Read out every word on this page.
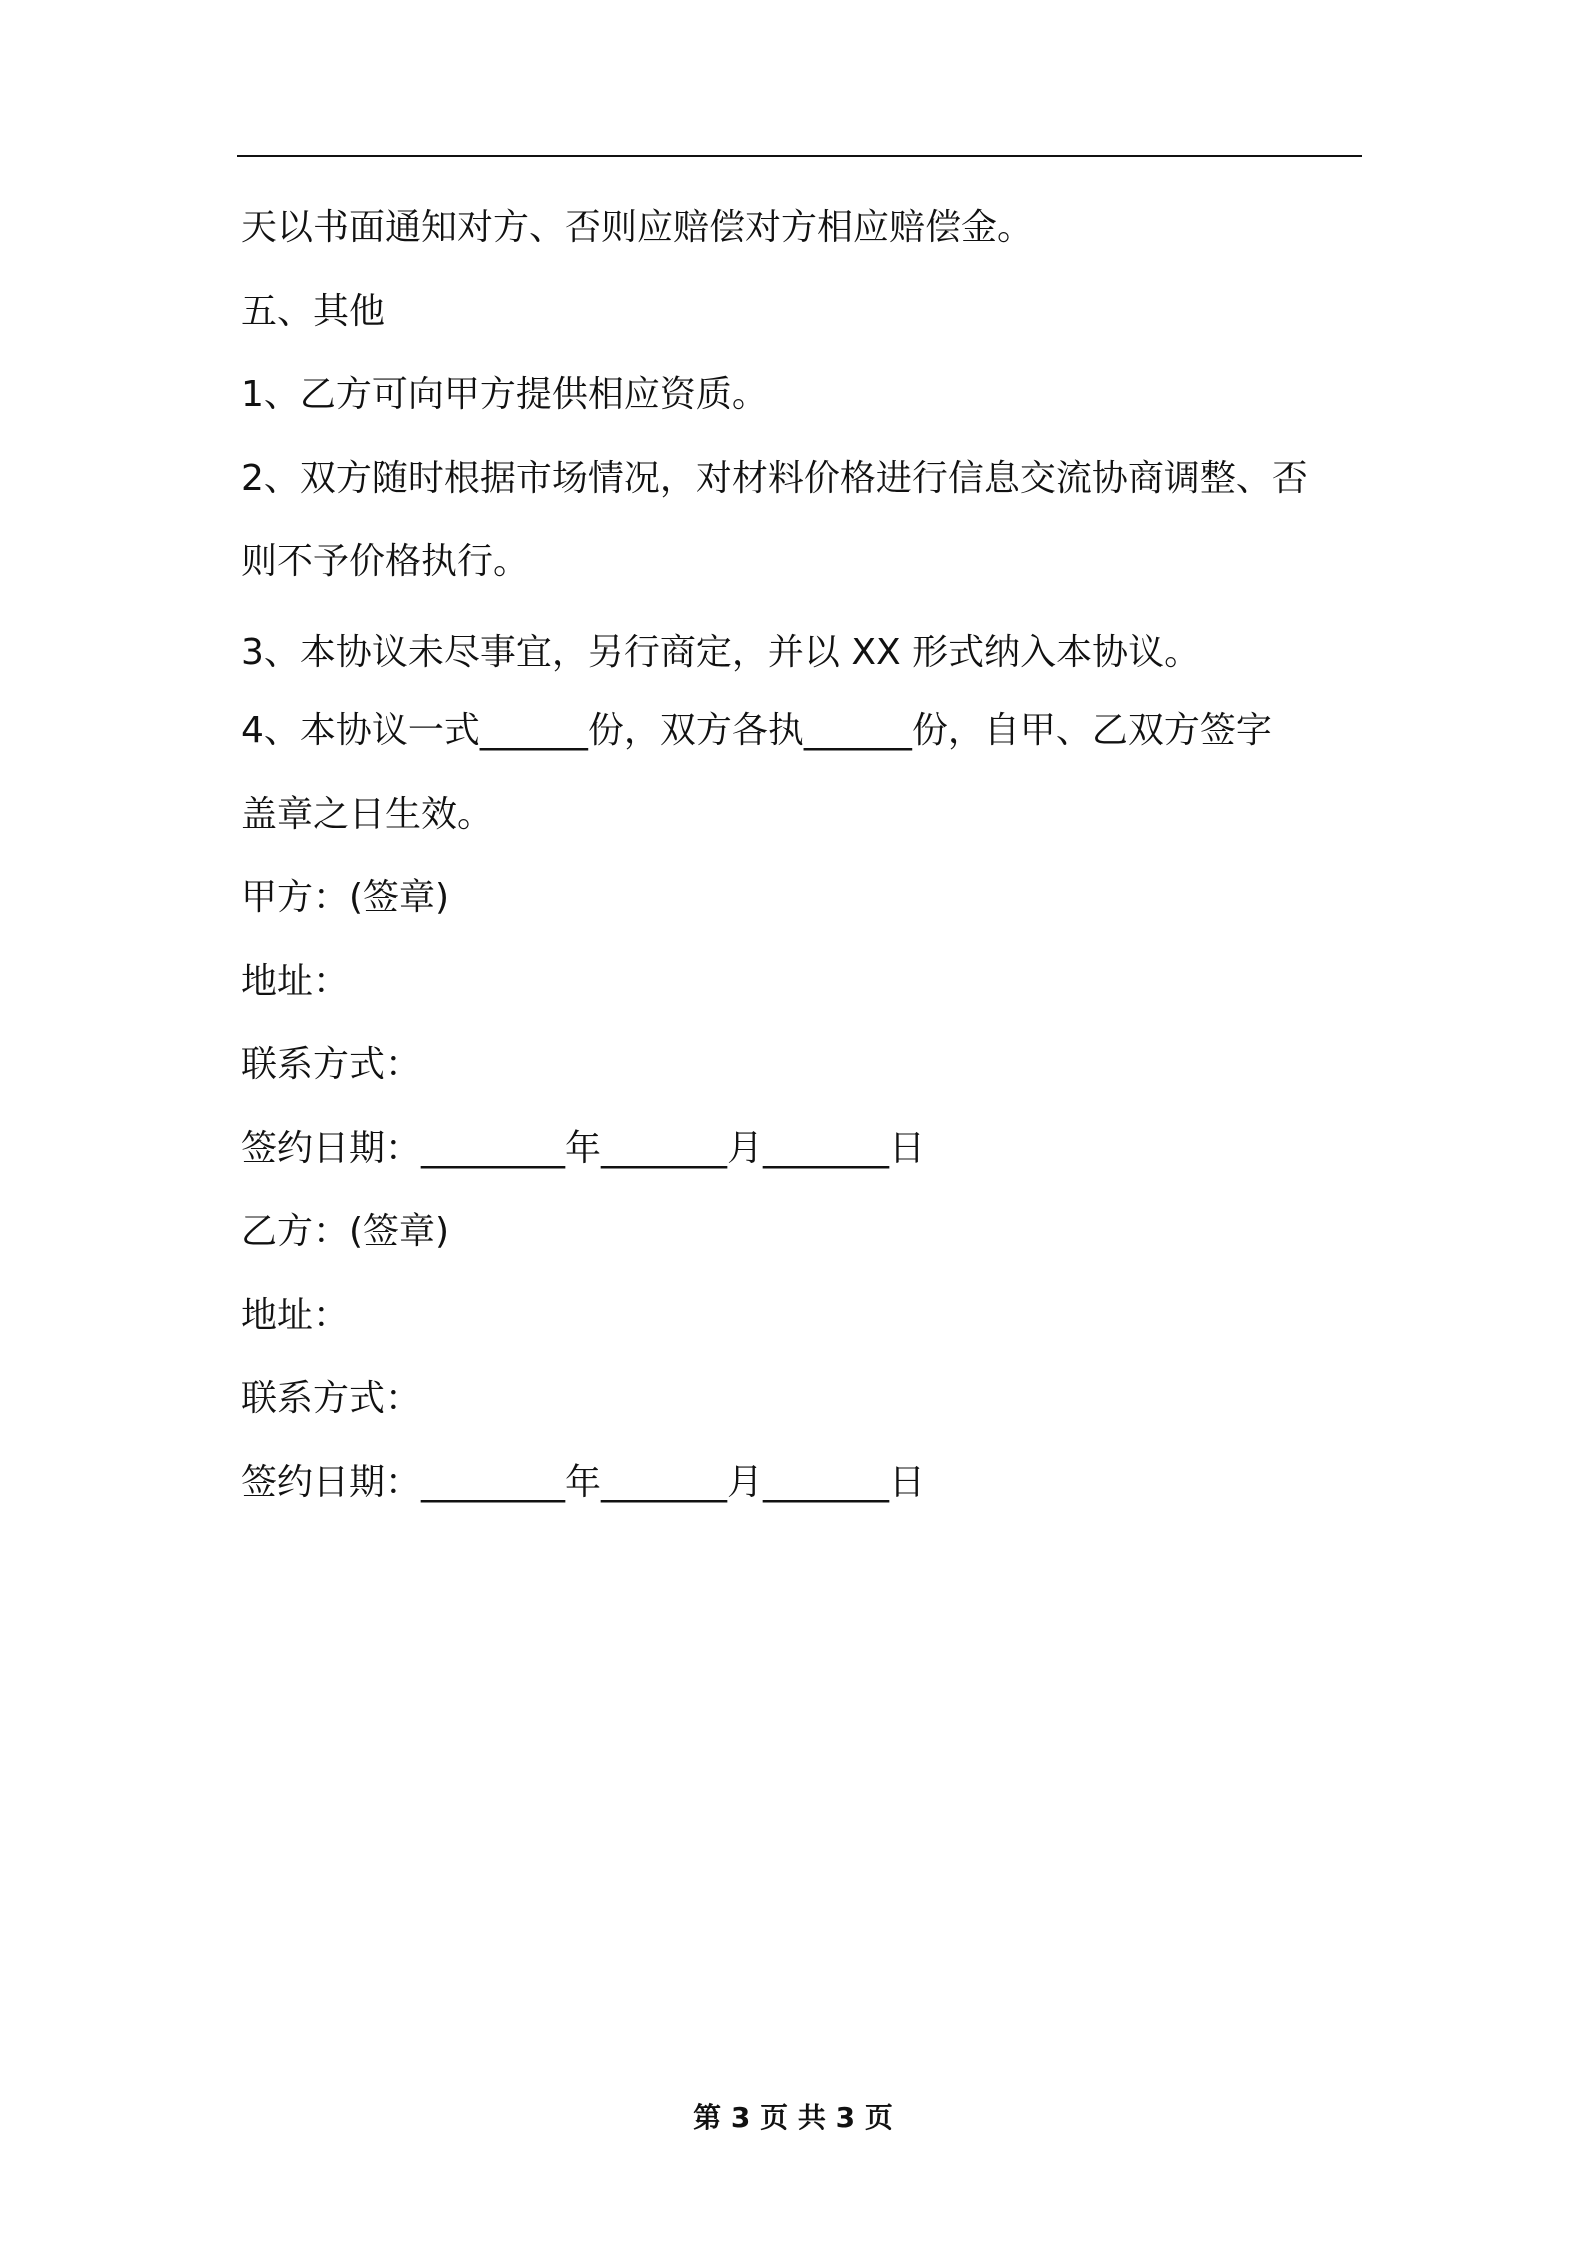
天以书面通知对方、否则应赔偿对方相应赔偿金。
五、其他
1、乙方可向甲方提供相应资质。
2、双方随时根据市场情况，对材料价格进行信息交流协商调整、否
则不予价格执行。
3、本协议未尽事宜，另行商定，并以 XX 形式纳入本协议。
4、本协议一式______份，双方各执______份，自甲、乙双方签字
盖章之日生效。
甲方：(签章)
地址：
联系方式：
签约日期：________年_______月_______日
乙方：(签章)
地址：
联系方式：
签约日期：________年_______月_______日
第 3 页 共 3 页
